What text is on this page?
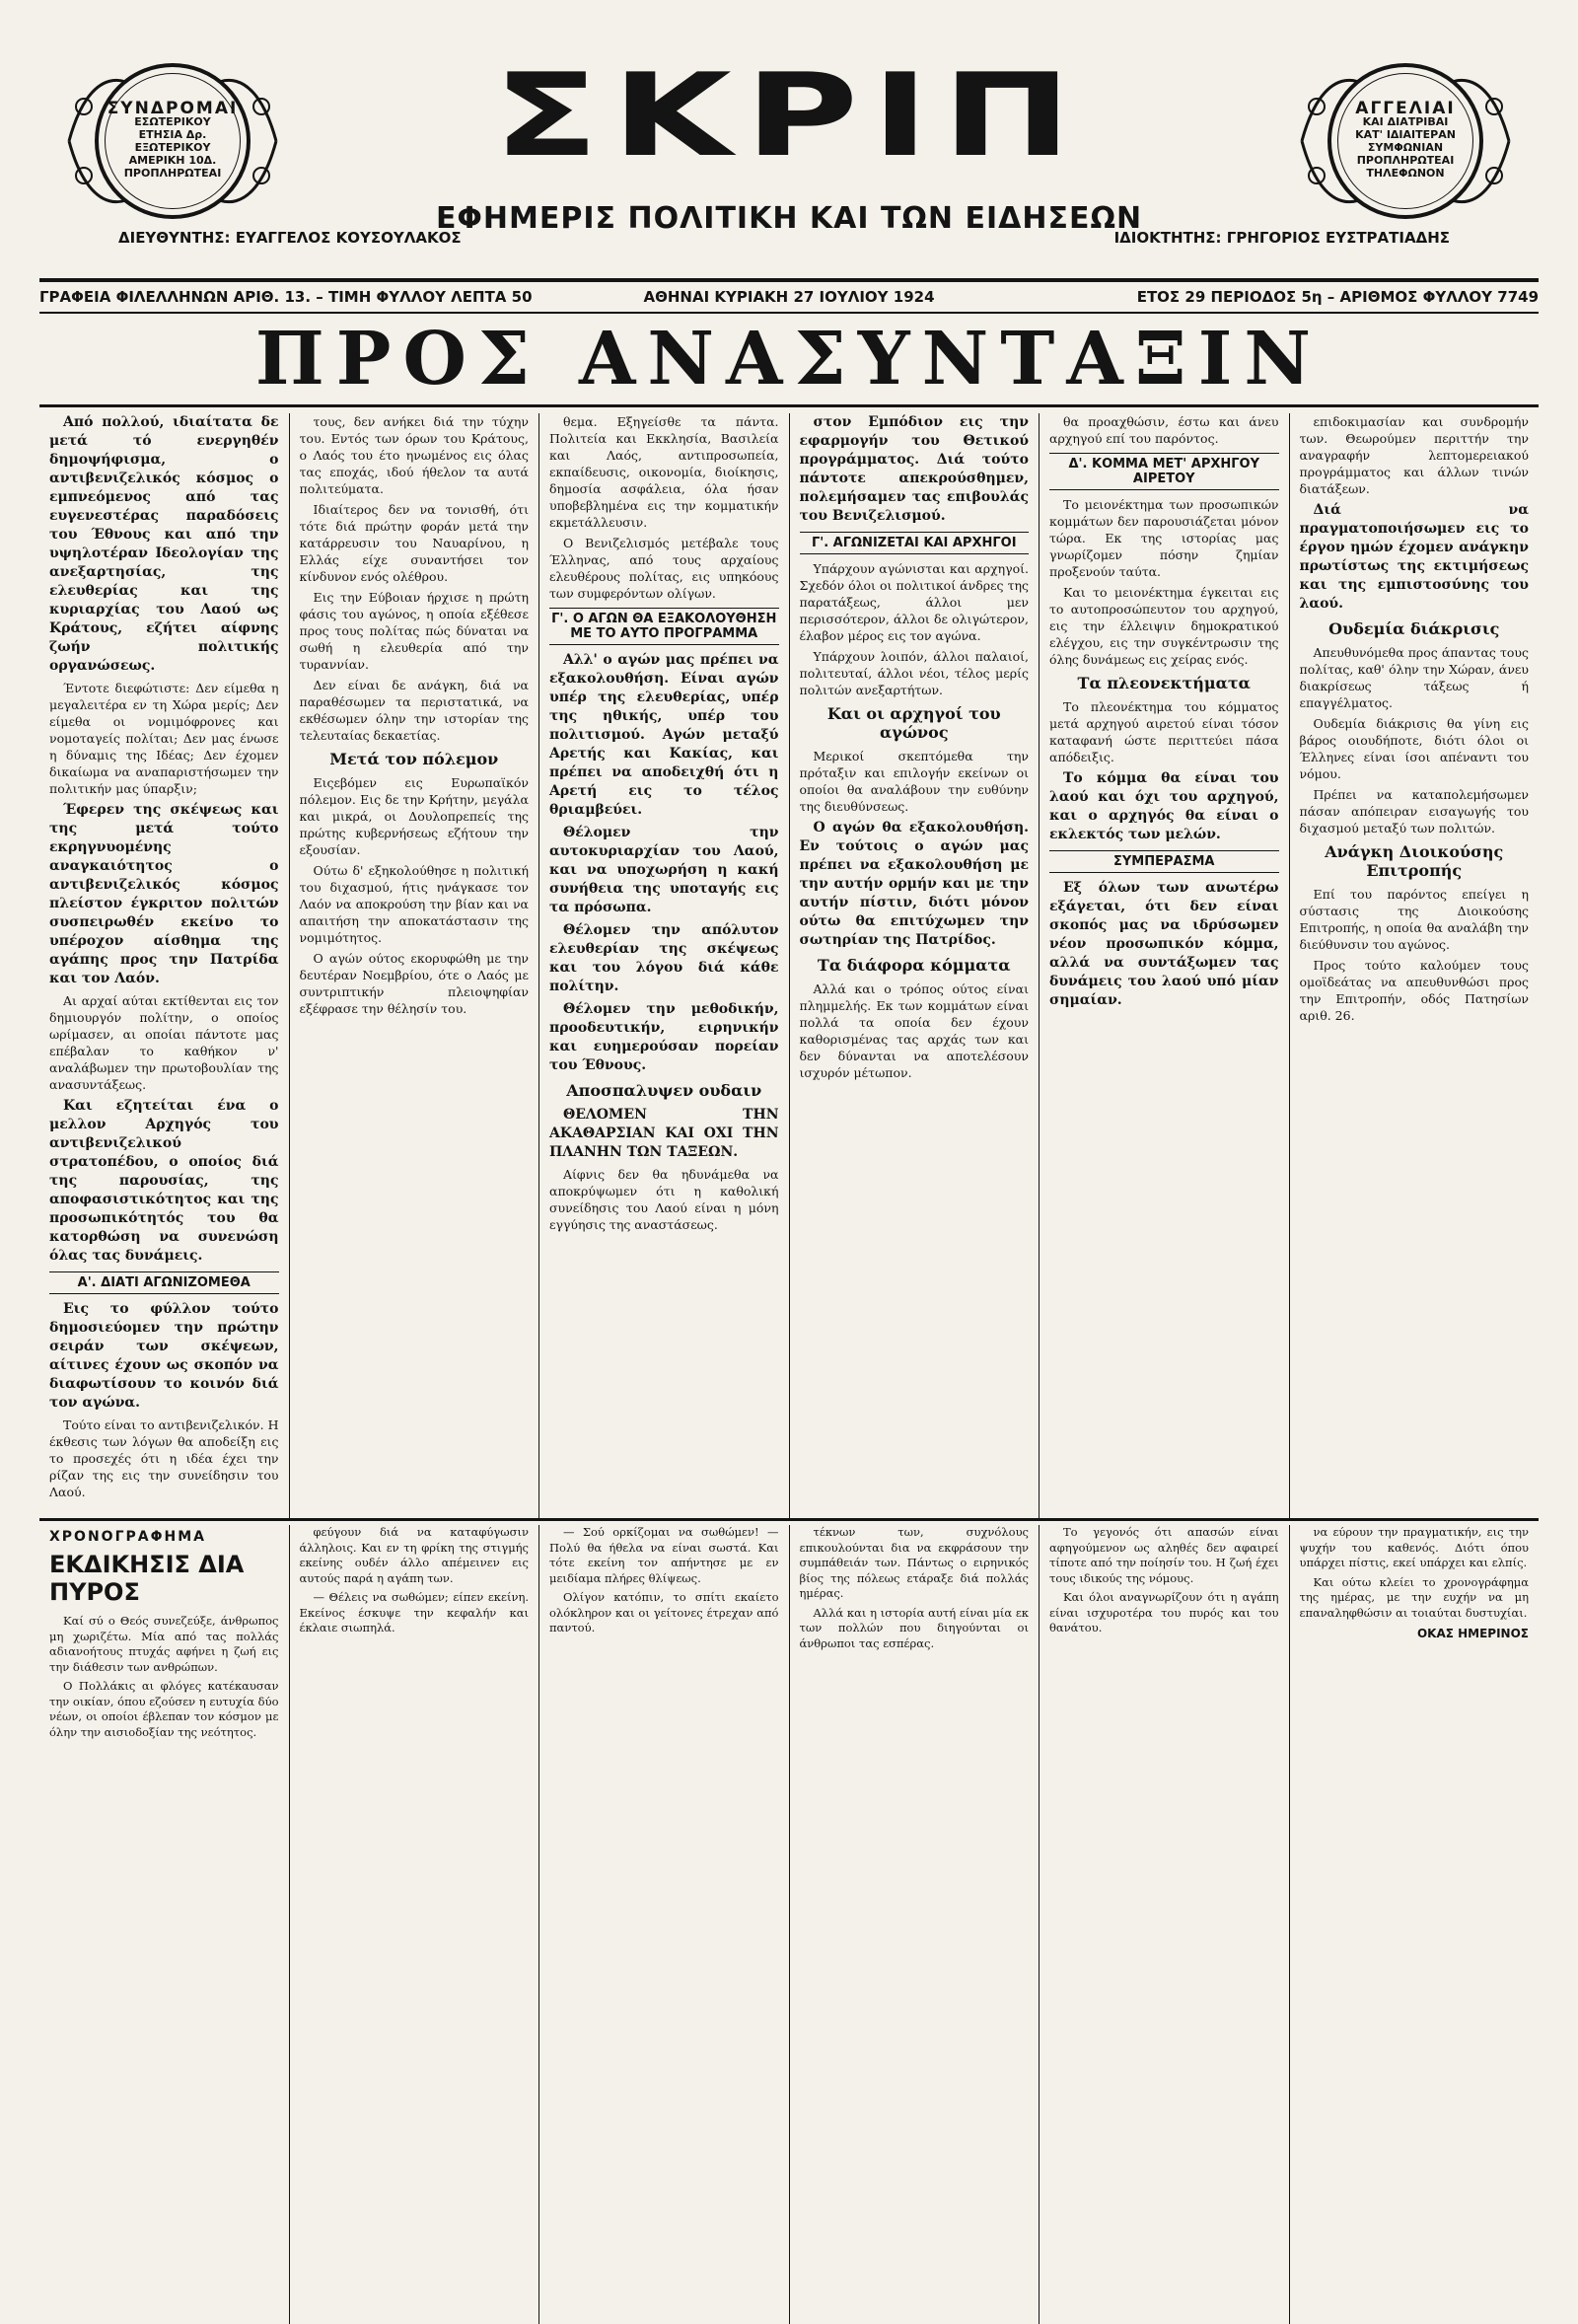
ΣΥΝΔΡΟΜΑΙ
ΕΣΩΤΕΡΙΚΟΥ
ΕΤΗΣΙΑ Δρ.
ΕΞΩΤΕΡΙΚΟΥ
ΑΜΕΡΙΚΗ 10Δ.
ΠΡΟΠΛΗΡΩΤΕΑΙ	ΣΚΡΙΠ
ΕΦΗΜΕΡΙΣ ΠΟΛΙΤΙΚΗ ΚΑΙ ΤΩΝ ΕΙΔΗΣΕΩΝ
ΔΙΕΥΘΥΝΤΗΣ: ΕΥΑΓΓΕΛΟΣ ΚΟΥΣΟΥΛΑΚΟΣ	ΙΔΙΟΚΤΗΤΗΣ: ΓΡΗΓΟΡΙΟΣ ΕΥΣΤΡΑΤΙΑΔΗΣ
ΑΓΓΕΛΙΑΙ
ΚΑΙ ΔΙΑΤΡΙΒΑΙ
ΚΑΤ' ΙΔΙΑΙΤΕΡΑΝ
ΣΥΜΦΩΝΙΑΝ
ΠΡΟΠΛΗΡΩΤΕΑΙ
ΤΗΛΕΦΩΝΟΝ
ΓΡΑΦΕΙΑ ΦΙΛΕΛΛΗΝΩΝ ΑΡΙΘ. 13. – ΤΙΜΗ ΦΥΛΛΟΥ ΛΕΠΤΑ 50	ΑΘΗΝΑΙ ΚΥΡΙΑΚΗ 27 ΙΟΥΛΙΟΥ 1924	ΕΤΟΣ 29 ΠΕΡΙΟΔΟΣ 5η – ΑΡΙΘΜΟΣ ΦΥΛΛΟΥ 7749
ΠΡΟΣ ΑΝΑΣΥΝΤΑΞΙΝ

Από πολλού, ιδιαίτατα δε μετά τό ενεργηθέν δημοψήφισμα, ο αντιβενιζελικός κόσμος ο εμπνεόμενος από τας ευγενεστέρας παραδόσεις του Έθνους και από την υψηλοτέραν Ιδεολογίαν της ανεξαρτησίας, της ελευθερίας και της κυριαρχίας του Λαού ως Κράτους, εζήτει αίφνης ζωήν πολιτικής οργανώσεως.

Έντοτε διεφώτιστε: Δεν είμεθα η μεγαλειτέρα εν τη Χώρα μερίς; Δεν είμεθα οι νομιμόφρονες και νομοταγείς πολίται; Δεν μας ένωσε η δύναμις της Ιδέας; Δεν έχομεν δικαίωμα να αναπαριστήσωμεν την πολιτικήν μας ύπαρξιν;

Έφερεν της σκέψεως και της μετά τούτο εκρηγνυομένης αναγκαιότητος ο αντιβενιζελικός κόσμος πλείστον έγκριτον πολιτών συσπειρωθέν εκείνο το υπέροχον αίσθημα της αγάπης προς την Πατρίδα και τον Λαόν.

Αι αρχαί αύται εκτίθενται εις τον δημιουργόν πολίτην, ο οποίος ωρίμασεν, αι οποίαι πάντοτε μας επέβαλαν το καθήκον ν' αναλάβωμεν την πρωτοβουλίαν της ανασυντάξεως.

Και εζητείται ένα ο μελλον Αρχηγός του αντιβενιζελικού στρατοπέδου, ο οποίος διά της παρουσίας, της αποφασιστικότητος και της προσωπικότητός του θα κατορθώση να συνενώση όλας τας δυνάμεις.

Α'. ΔΙΑΤΙ ΑΓΩΝΙΖΟΜΕΘΑ

Εις το φύλλον τούτο δημοσιεύομεν την πρώτην σειράν των σκέψεων, αίτινες έχουν ως σκοπόν να διαφωτίσουν το κοινόν διά τον αγώνα.

Τούτο είναι το αντιβενιζελικόν. Η έκθεσις των λόγων θα αποδείξη εις το προσεχές ότι η ιδέα έχει την ρίζαν της εις την συνείδησιν του Λαού.

τους, δεν ανήκει διά την τύχην του. Εντός των όρων του Κράτους, ο Λαός του έτο ηνωμένος εις όλας τας εποχάς, ιδού ήθελον τα αυτά πολιτεύματα.

Ιδιαίτερος δεν να τονισθή, ότι τότε διά πρώτην φοράν μετά την κατάρρευσιν του Ναυαρίνου, η Ελλάς είχε συναντήσει τον κίνδυνον ενός ολέθρου.

Εις την Εύβοιαν ήρχισε η πρώτη φάσις του αγώνος, η οποία εξέθεσε προς τους πολίτας πώς δύναται να σωθή η ελευθερία από την τυραννίαν.

Δεν είναι δε ανάγκη, διά να παραθέσωμεν τα περιστατικά, να εκθέσωμεν όλην την ιστορίαν της τελευταίας δεκαετίας.

Μετά τον πόλεμον

Ειςεβόμεν εις Ευρωπαϊκόν πόλεμον. Εις δε την Κρήτην, μεγάλα και μικρά, οι Δουλοπρεπείς της πρώτης κυβερνήσεως εζήτουν την εξουσίαν.

Ούτω δ' εξηκολούθησε η πολιτική του διχασμού, ήτις ηνάγκασε τον Λαόν να αποκρούση την βίαν και να απαιτήση την αποκατάστασιν της νομιμότητος.

Ο αγών ούτος εκορυφώθη με την δευτέραν Νοεμβρίου, ότε ο Λαός με συντριπτικήν πλειοψηφίαν εξέφρασε την θέλησίν του.

θεμα. Εξηγείσθε τα πάντα. Πολιτεία και Εκκλησία, Βασιλεία και Λαός, αντιπροσωπεία, εκπαίδευσις, οικονομία, διοίκησις, δημοσία ασφάλεια, όλα ήσαν υποβεβλημένα εις την κομματικήν εκμετάλλευσιν.

Ο Βενιζελισμός μετέβαλε τους Έλληνας, από τους αρχαίους ελευθέρους πολίτας, εις υπηκόους των συμφερόντων ολίγων.

Γ'. Ο ΑΓΩΝ ΘΑ ΕΞΑΚΟΛΟΥΘΗΣΗ ΜΕ ΤΟ ΑΥΤΟ ΠΡΟΓΡΑΜΜΑ

Αλλ' ο αγών μας πρέπει να εξακολουθήση. Είναι αγών υπέρ της ελευθερίας, υπέρ της ηθικής, υπέρ του πολιτισμού. Αγών μεταξύ Αρετής και Κακίας, και πρέπει να αποδειχθή ότι η Αρετή εις το τέλος θριαμβεύει.

Θέλομεν την αυτοκυριαρχίαν του Λαού, και να υποχωρήση η κακή συνήθεια της υποταγής εις τα πρόσωπα.

Θέλομεν την απόλυτον ελευθερίαν της σκέψεως και του λόγου διά κάθε πολίτην.

Θέλομεν την μεθοδικήν, προοδευτικήν, ειρηνικήν και ευημερούσαν πορείαν του Έθνους.

Αποσπαλυψεν ουδαιν

ΘΕΛΟΜΕΝ ΤΗΝ ΑΚΑΘΑΡΣΙΑΝ ΚΑΙ ΟΧΙ ΤΗΝ ΠΛΑΝΗΝ ΤΩΝ ΤΑΞΕΩΝ.

Αίφνις δεν θα ηδυνάμεθα να αποκρύψωμεν ότι η καθολική συνείδησις του Λαού είναι η μόνη εγγύησις της αναστάσεως.

στον Εμπόδιον εις την εφαρμογήν του Θετικού προγράμματος. Διά τούτο πάντοτε απεκρούσθημεν, πολεμήσαμεν τας επιβουλάς του Βενιζελισμού.

Γ'. ΑΓΩΝΙΖΕΤΑΙ ΚΑΙ ΑΡΧΗΓΟΙ

Υπάρχουν αγώνισται και αρχηγοί. Σχεδόν όλοι οι πολιτικοί άνδρες της παρατάξεως, άλλοι μεν περισσότερον, άλλοι δε ολιγώτερον, έλαβον μέρος εις τον αγώνα.

Υπάρχουν λοιπόν, άλλοι παλαιοί, πολιτευταί, άλλοι νέοι, τέλος μερίς πολιτών ανεξαρτήτων.

Και οι αρχηγοί του αγώνος

Μερικοί σκεπτόμεθα την πρόταξιν και επιλογήν εκείνων οι οποίοι θα αναλάβουν την ευθύνην της διευθύνσεως.

Ο αγών θα εξακολουθήση. Εν τούτοις ο αγών μας πρέπει να εξακολουθήση με την αυτήν ορμήν και με την αυτήν πίστιν, διότι μόνον ούτω θα επιτύχωμεν την σωτηρίαν της Πατρίδος.

Τα διάφορα κόμματα

Αλλά και ο τρόπος ούτος είναι πλημμελής. Εκ των κομμάτων είναι πολλά τα οποία δεν έχουν καθορισμένας τας αρχάς των και δεν δύνανται να αποτελέσουν ισχυρόν μέτωπον.

θα προαχθώσιν, έστω και άνευ αρχηγού επί του παρόντος.

Δ'. ΚΟΜΜΑ ΜΕΤ' ΑΡΧΗΓΟΥ ΑΙΡΕΤΟΥ

Το μειονέκτημα των προσωπικών κομμάτων δεν παρουσιάζεται μόνον τώρα. Εκ της ιστορίας μας γνωρίζομεν πόσην ζημίαν προξενούν ταύτα.

Και το μειονέκτημα έγκειται εις το αυτοπροσώπευτον του αρχηγού, εις την έλλειψιν δημοκρατικού ελέγχου, εις την συγκέντρωσιν της όλης δυνάμεως εις χείρας ενός.

Τα πλεονεκτήματα

Το πλεονέκτημα του κόμματος μετά αρχηγού αιρετού είναι τόσον καταφανή ώστε περιττεύει πάσα απόδειξις.

Το κόμμα θα είναι του λαού και όχι του αρχηγού, και ο αρχηγός θα είναι ο εκλεκτός των μελών.

ΣΥΜΠΕΡΑΣΜΑ

Εξ όλων των ανωτέρω εξάγεται, ότι δεν είναι σκοπός μας να ιδρύσωμεν νέον προσωπικόν κόμμα, αλλά να συντάξωμεν τας δυνάμεις του λαού υπό μίαν σημαίαν.

επιδοκιμασίαν και συνδρομήν των. Θεωρούμεν περιττήν την αναγραφήν λεπτομερειακού προγράμματος και άλλων τινών διατάξεων.

Διά να πραγματοποιήσωμεν εις το έργον ημών έχομεν ανάγκην πρωτίστως της εκτιμήσεως και της εμπιστοσύνης του λαού.

Ουδεμία διάκρισις

Απευθυνόμεθα προς άπαντας τους πολίτας, καθ' όλην την Χώραν, άνευ διακρίσεως τάξεως ή επαγγέλματος.

Ουδεμία διάκρισις θα γίνη εις βάρος οιουδήποτε, διότι όλοι οι Έλληνες είναι ίσοι απέναντι του νόμου.

Πρέπει να καταπολεμήσωμεν πάσαν απόπειραν εισαγωγής του διχασμού μεταξύ των πολιτών.

Ανάγκη Διοικούσης Επιτροπής

Επί του παρόντος επείγει η σύστασις της Διοικούσης Επιτροπής, η οποία θα αναλάβη την διεύθυνσιν του αγώνος.

Προς τούτο καλούμεν τους ομοϊδεάτας να απευθυνθώσι προς την Επιτροπήν, οδός Πατησίων αριθ. 26.

ΧΡΟΝΟΓΡΑΦΗΜΑ
ΕΚΔΙΚΗΣΙΣ ΔΙΑ ΠΥΡΟΣ

Καί σύ ο Θεός συνεζεύξε, άνθρωπος μη χωριζέτω. Μία από τας πολλάς αδιανοήτους πτυχάς αφήνει η ζωή εις την διάθεσιν των ανθρώπων.

Ο Πολλάκις αι φλόγες κατέκαυσαν την οικίαν, όπου εζούσεν η ευτυχία δύο νέων, οι οποίοι έβλεπαν τον κόσμον με όλην την αισιοδοξίαν της νεότητος.

φεύγουν διά να καταφύγωσιν άλληλοις. Και εν τη φρίκη της στιγμής εκείνης ουδέν άλλο απέμεινεν εις αυτούς παρά η αγάπη των.

— Θέλεις να σωθώμεν; είπεν εκείνη. Εκείνος έσκυψε την κεφαλήν και έκλαιε σιωπηλά.

— Σού ορκίζομαι να σωθώμεν! — Πολύ θα ήθελα να είναι σωστά. Και τότε εκείνη τον απήντησε με εν μειδίαμα πλήρες θλίψεως.

Ολίγον κατόπιν, το σπίτι εκαίετο ολόκληρον και οι γείτονες έτρεχαν από παντού.

τέκνων των, συχνόλους επικουλούνται δια να εκφράσουν την συμπάθειάν των. Πάντως ο ειρηνικός βίος της πόλεως ετάραξε διά πολλάς ημέρας.

Αλλά και η ιστορία αυτή είναι μία εκ των πολλών που διηγούνται οι άνθρωποι τας εσπέρας.

Το γεγονός ότι απασών είναι αφηγούμενον ως αληθές δεν αφαιρεί τίποτε από την ποίησίν του. Η ζωή έχει τους ιδικούς της νόμους.

Και όλοι αναγνωρίζουν ότι η αγάπη είναι ισχυροτέρα του πυρός και του θανάτου.

να εύρουν την πραγματικήν, εις την ψυχήν του καθενός. Διότι όπου υπάρχει πίστις, εκεί υπάρχει και ελπίς.

Και ούτω κλείει το χρονογράφημα της ημέρας, με την ευχήν να μη επαναληφθώσιν αι τοιαύται δυστυχίαι.

ΟΚΑΣ ΗΜΕΡΙΝΟΣ
